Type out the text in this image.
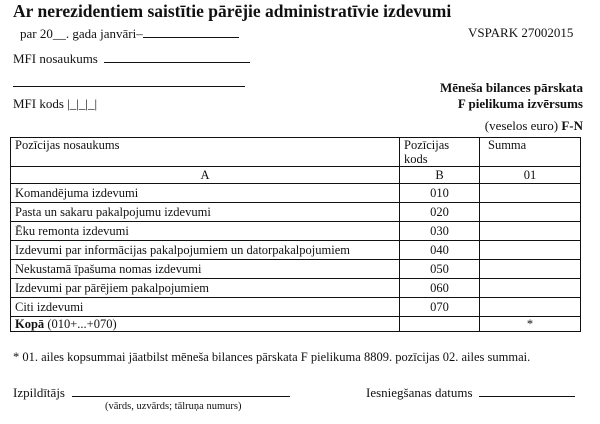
Ar nerezidentiem saistītie pārējie administratīvie izdevumi
par 20__. gada janvāri–	VSPARK 27002015
MFI nosaukums
MFI kods |_|_|_|
Mēneša bilances pārskata
F pielikuma izvērsums
(veselos euro) F-N
Pozīcijas nosaukums	Pozīcijas kods	Summa
A	B	01
Komandējuma izdevumi	010	
Pasta un sakaru pakalpojumu izdevumi	020	
Ēku remonta izdevumi	030	
Izdevumi par informācijas pakalpojumiem un datorpakalpojumiem	040	
Nekustamā īpašuma nomas izdevumi	050	
Izdevumi par pārējiem pakalpojumiem	060	
Citi izdevumi	070	
Kopā (010+...+070)		*
* 01. ailes kopsummai jāatbilst mēneša bilances pārskata F pielikuma 8809. pozīcijas 02. ailes summai.
Izpildītājs
(vārds, uzvārds; tālruņa numurs)
Iesniegšanas datums
